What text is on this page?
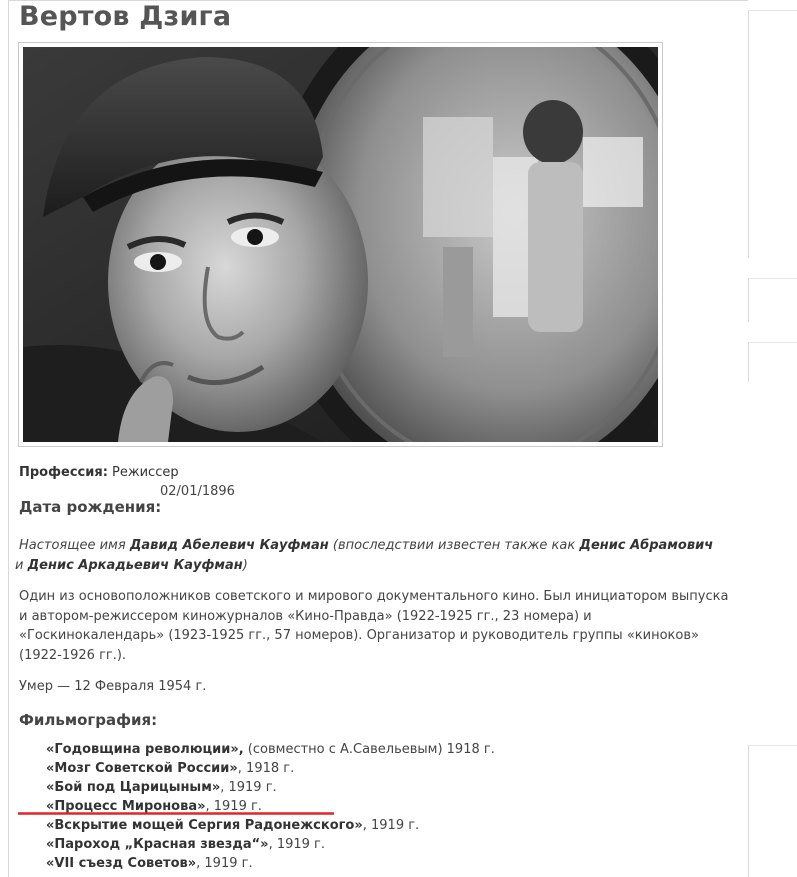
Вертов Дзига
Профессия: Режиссер
02/01/1896
Дата рождения:
Настоящее имя Давид Абелевич Кауфман (впоследствии известен также как Денис Абрамович
и Денис Аркадьевич Кауфман)
Один из основоположников советского и мирового документального кино. Был инициатором выпуска и автором-режиссером киножурналов «Кино-Правда» (1922-1925 гг., 23 номера) и «Госкинокалендарь» (1923-1925 гг., 57 номеров). Организатор и руководитель группы «киноков» (1922-1926 гг.).
Умер — 12 Февраля 1954 г.
Фильмография:
«Годовщина революции», (совместно с А.Савельевым) 1918 г.
«Мозг Советской России», 1918 г.
«Бой под Царицыным», 1919 г.
«Процесс Миронова», 1919 г.
«Вскрытие мощей Сергия Радонежского», 1919 г.
«Пароход „Красная звезда“», 1919 г.
«VII съезд Советов», 1919 г.
